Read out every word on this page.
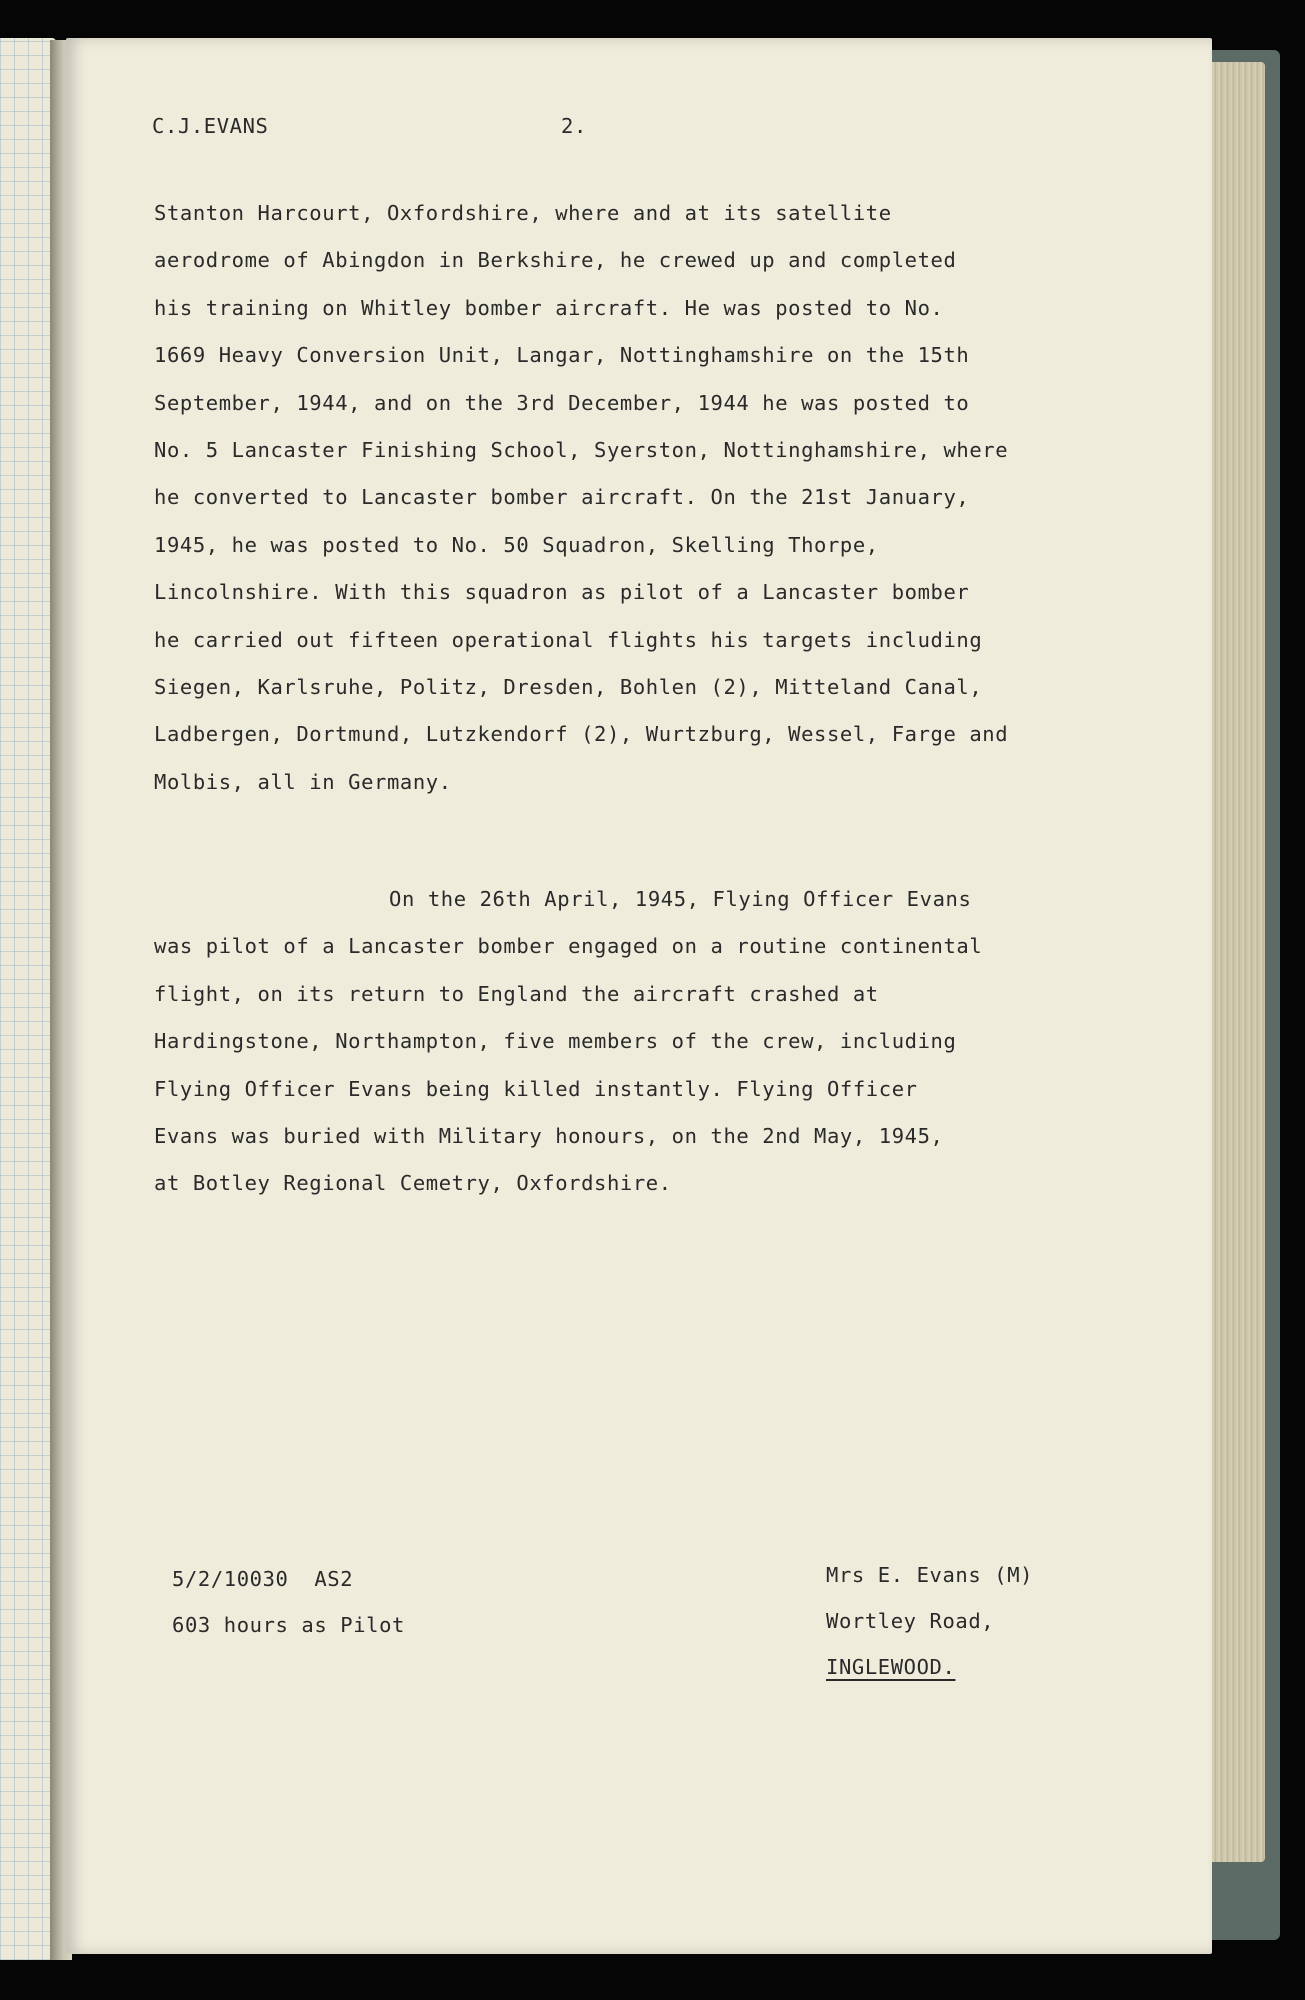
C.J.EVANS	2.
Stanton Harcourt, Oxfordshire, where and at its satellite
aerodrome of Abingdon in Berkshire, he crewed up and completed
his training on Whitley bomber aircraft. He was posted to No.
1669 Heavy Conversion Unit, Langar, Nottinghamshire on the 15th
September, 1944, and on the 3rd December, 1944 he was posted to
No. 5 Lancaster Finishing School, Syerston, Nottinghamshire, where
he converted to Lancaster bomber aircraft. On the 21st January,
1945, he was posted to No. 50 Squadron, Skelling Thorpe,
Lincolnshire. With this squadron as pilot of a Lancaster bomber
he carried out fifteen operational flights his targets including
Siegen, Karlsruhe, Politz, Dresden, Bohlen (2), Mitteland Canal,
Ladbergen, Dortmund, Lutzkendorf (2), Wurtzburg, Wessel, Farge and
Molbis, all in Germany.
On the 26th April, 1945, Flying Officer Evans
was pilot of a Lancaster bomber engaged on a routine continental
flight, on its return to England the aircraft crashed at
Hardingstone, Northampton, five members of the crew, including
Flying Officer Evans being killed instantly. Flying Officer
Evans was buried with Military honours, on the 2nd May, 1945,
at Botley Regional Cemetry, Oxfordshire.
5/2/10030  AS2
603 hours as Pilot
Mrs E. Evans (M)
Wortley Road,
INGLEWOOD.
